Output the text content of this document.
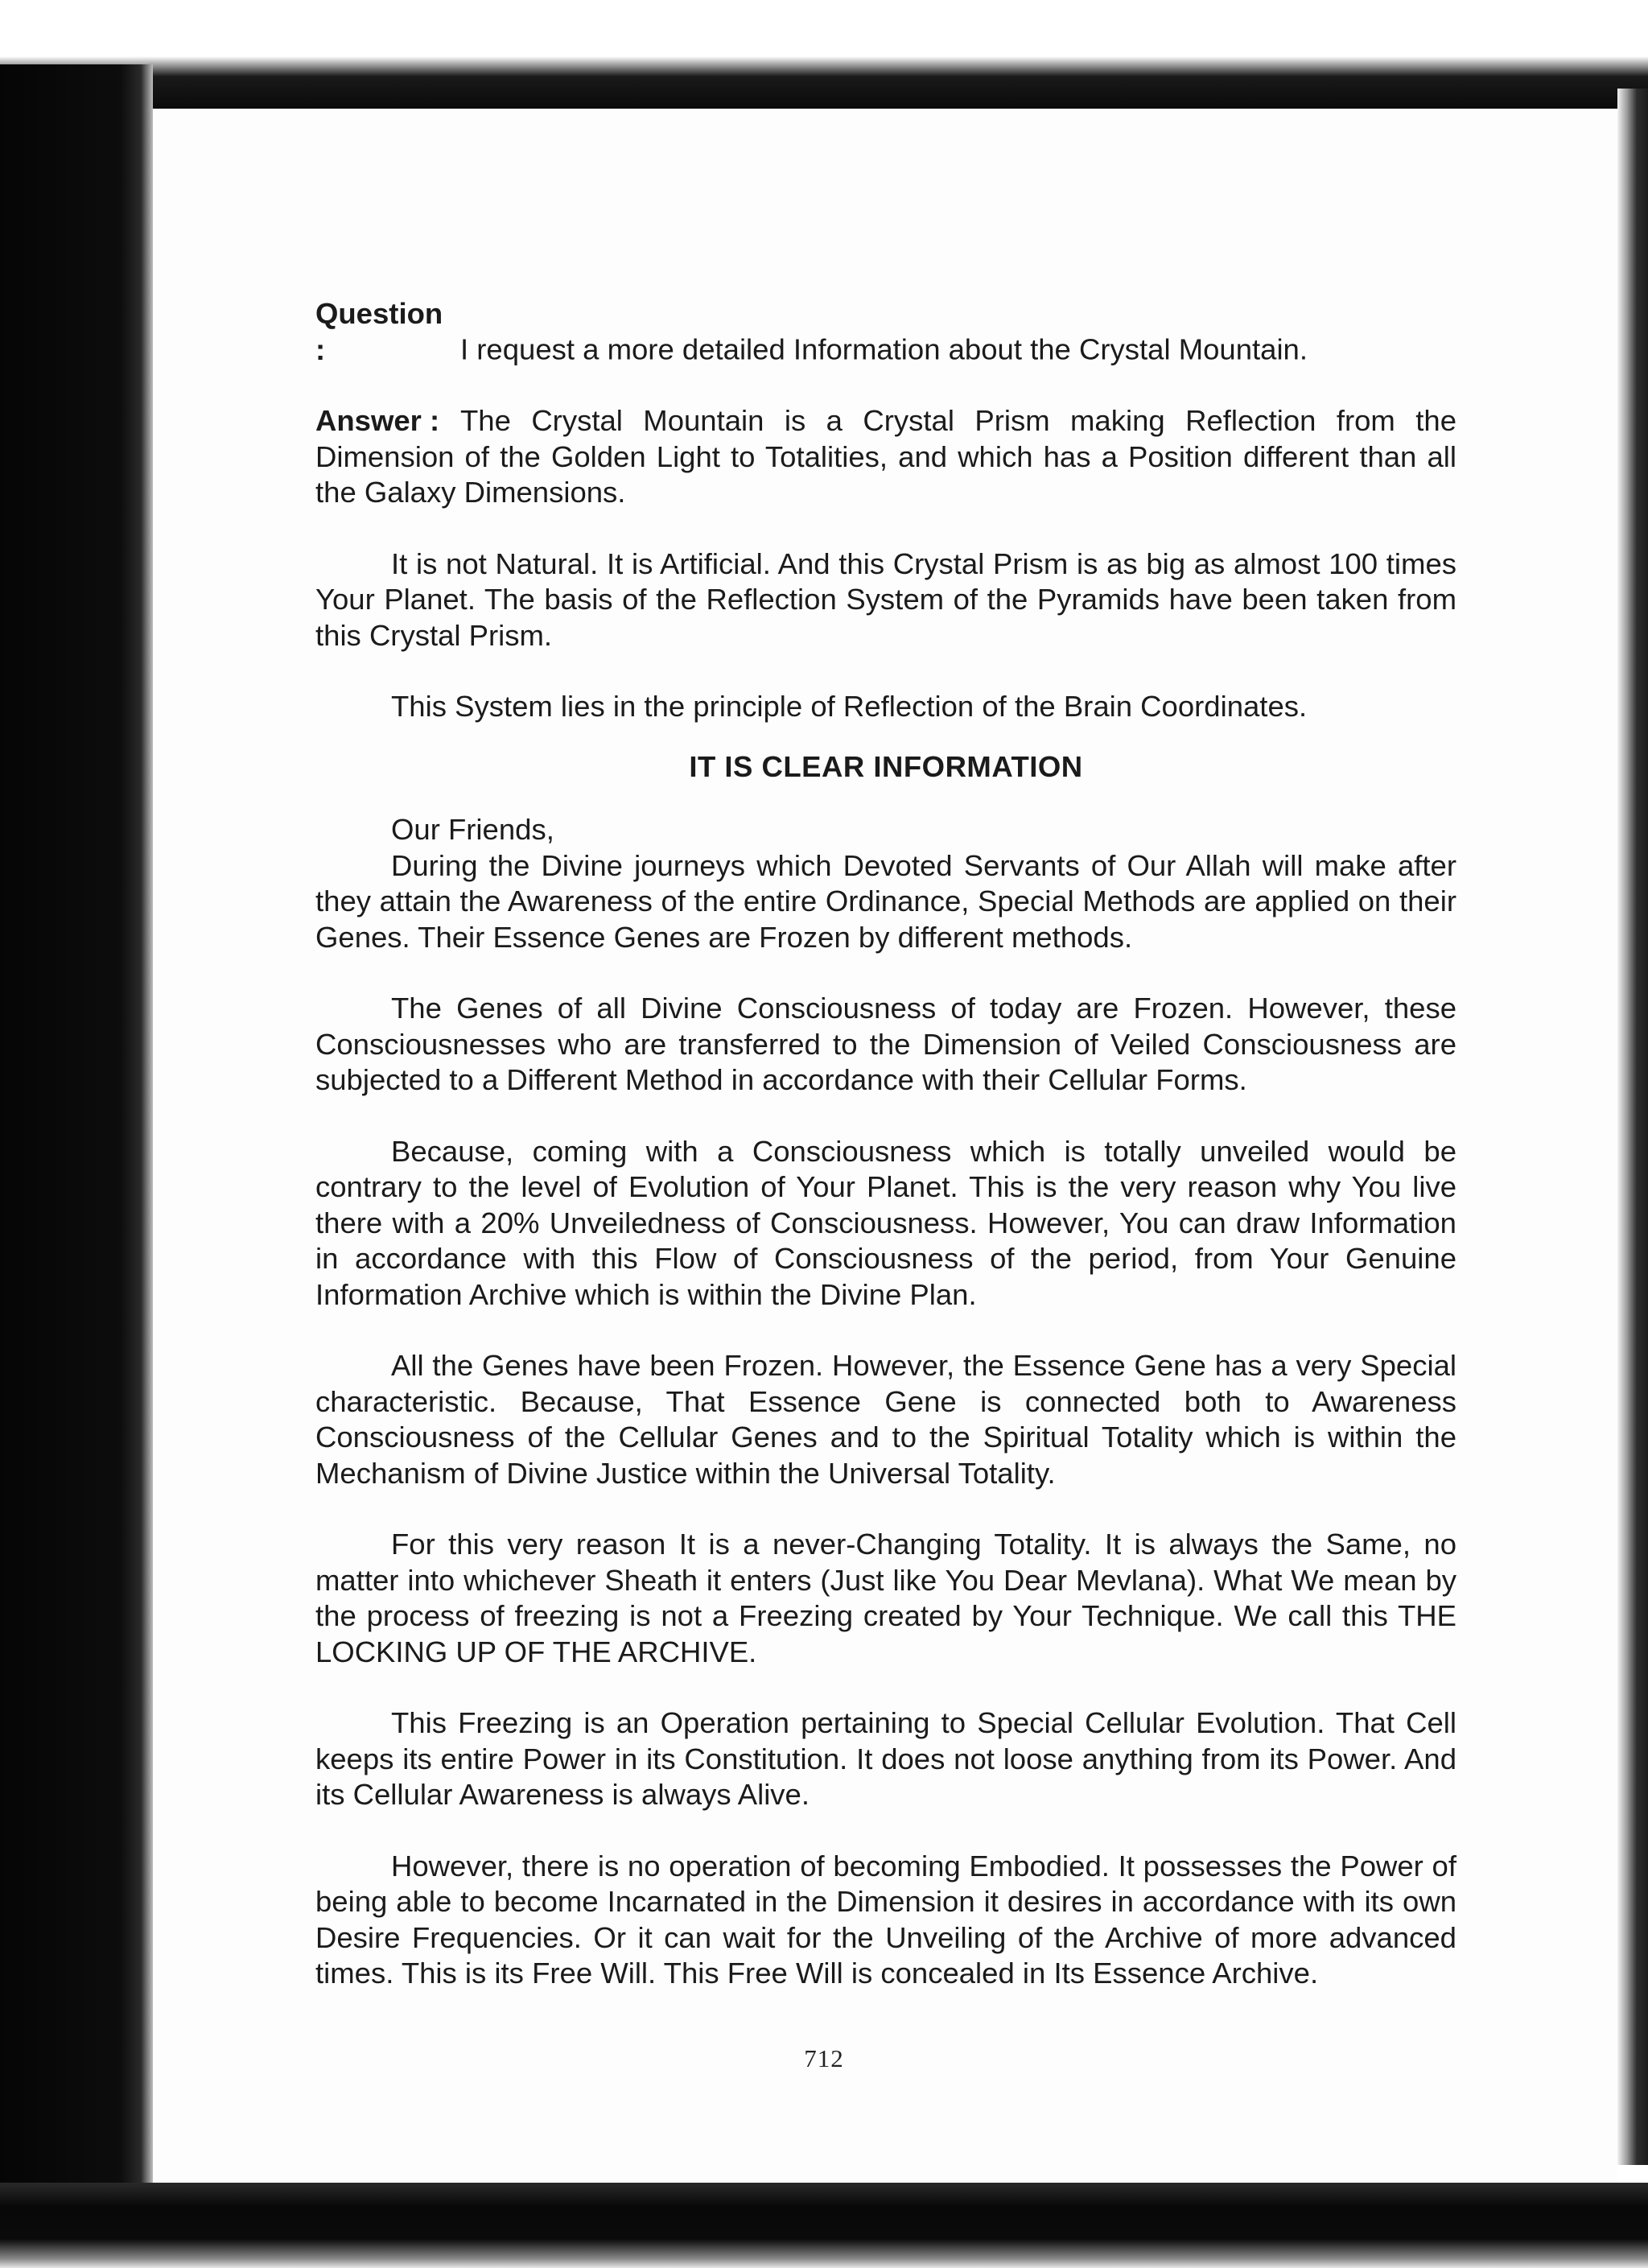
Question :	I request a more detailed Information about the Crystal Mountain.

Answer : The Crystal Mountain is a Crystal Prism making Reflection from the Dimension of the Golden Light to Totalities, and which has a Position different than all the Galaxy Dimensions.

It is not Natural. It is Artificial. And this Crystal Prism is as big as almost 100 times Your Planet. The basis of the Reflection System of the Pyramids have been taken from this Crystal Prism.

This System lies in the principle of Reflection of the Brain Coordinates.

IT IS CLEAR INFORMATION

Our Friends,

During the Divine journeys which Devoted Servants of Our Allah will make after they attain the Awareness of the entire Ordinance, Special Methods are applied on their Genes. Their Essence Genes are Frozen by different methods.

The Genes of all Divine Consciousness of today are Frozen. However, these Consciousnesses who are transferred to the Dimension of Veiled Consciousness are subjected to a Different Method in accordance with their Cellular Forms.

Because, coming with a Consciousness which is totally unveiled would be contrary to the level of Evolution of Your Planet. This is the very reason why You live there with a 20% Unveiledness of Consciousness. However, You can draw Information in accordance with this Flow of Consciousness of the period, from Your Genuine Information Archive which is within the Divine Plan.

All the Genes have been Frozen. However, the Essence Gene has a very Special characteristic. Because, That Essence Gene is connected both to Awareness Consciousness of the Cellular Genes and to the Spiritual Totality which is within the Mechanism of Divine Justice within the Universal Totality.

For this very reason It is a never-Changing Totality. It is always the Same, no matter into whichever Sheath it enters (Just like You Dear Mevlana). What We mean by the process of freezing is not a Freezing created by Your Technique. We call this THE LOCKING UP OF THE ARCHIVE.

This Freezing is an Operation pertaining to Special Cellular Evolution. That Cell keeps its entire Power in its Constitution. It does not loose anything from its Power. And its Cellular Awareness is always Alive.

However, there is no operation of becoming Embodied. It possesses the Power of being able to become Incarnated in the Dimension it desires in accordance with its own Desire Frequencies. Or it can wait for the Unveiling of the Archive of more advanced times. This is its Free Will. This Free Will is concealed in Its Essence Archive.

712
